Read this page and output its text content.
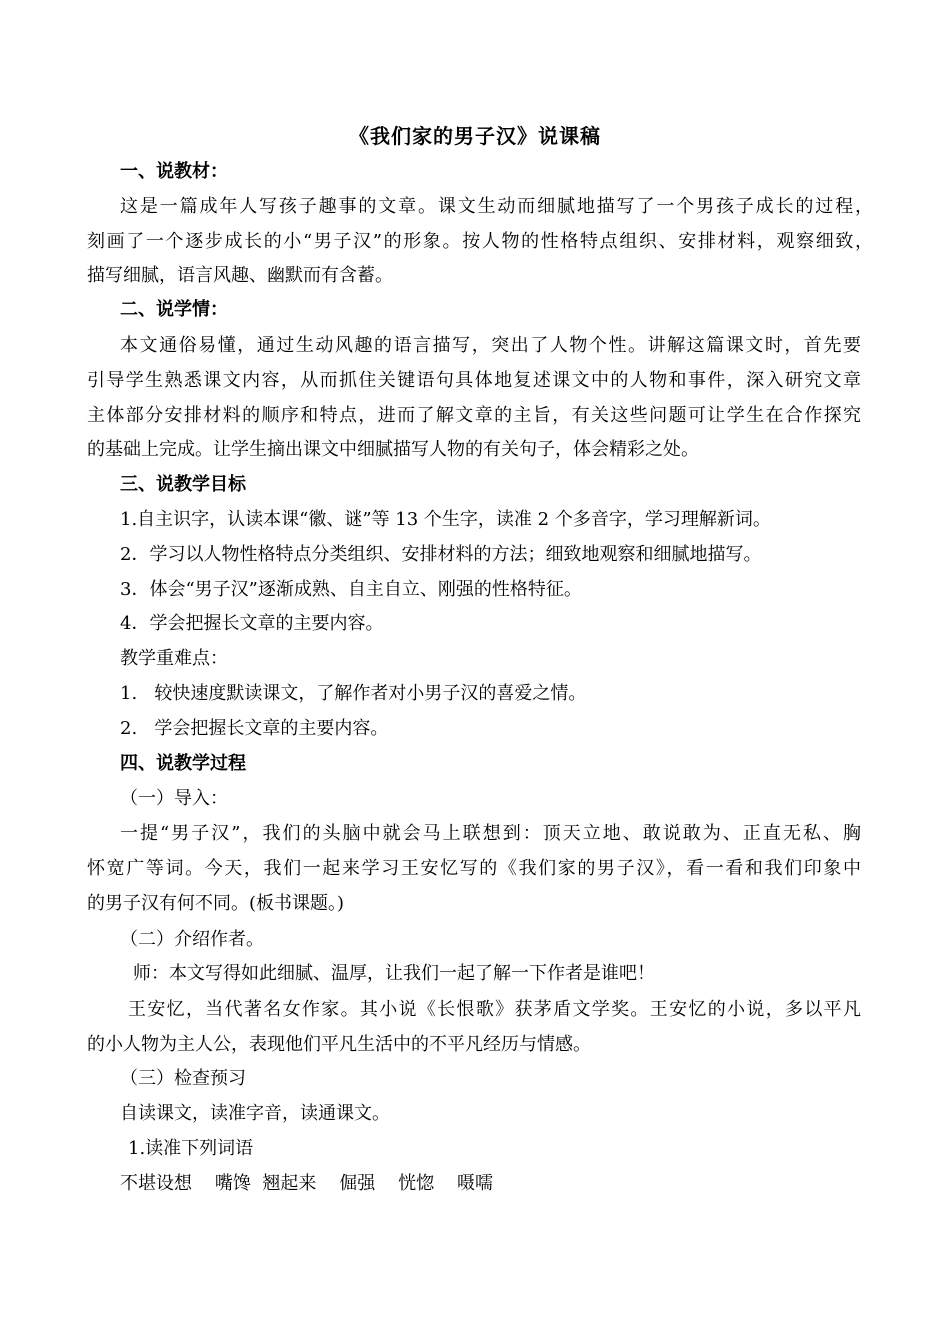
《我们家的男子汉》说课稿
一、说教材：
这是一篇成年人写孩子趣事的文章。课文生动而细腻地描写了一个男孩子成长的过程，
刻画了一个逐步成长的小“男子汉”的形象。按人物的性格特点组织、安排材料，观察细致，
描写细腻，语言风趣、幽默而有含蓄。
二、说学情：
本文通俗易懂，通过生动风趣的语言描写，突出了人物个性。讲解这篇课文时，首先要
引导学生熟悉课文内容，从而抓住关键语句具体地复述课文中的人物和事件，深入研究文章
主体部分安排材料的顺序和特点，进而了解文章的主旨，有关这些问题可让学生在合作探究
的基础上完成。让学生摘出课文中细腻描写人物的有关句子，体会精彩之处。
三、说教学目标
1.自主识字，认读本课“徽、谜”等 13 个生字，读准 2 个多音字，学习理解新词。
2．学习以人物性格特点分类组织、安排材料的方法；细致地观察和细腻地描写。
3．体会“男子汉”逐渐成熟、自主自立、刚强的性格特征。
4．学会把握长文章的主要内容。
教学重难点：
1.   较快速度默读课文，了解作者对小男子汉的喜爱之情。
2.   学会把握长文章的主要内容。
四、说教学过程
（一）导入：
一提“男子汉”，我们的头脑中就会马上联想到：顶天立地、敢说敢为、正直无私、胸
怀宽广等词。今天，我们一起来学习王安忆写的《我们家的男子汉》，看一看和我们印象中
的男子汉有何不同。(板书课题。)
（二）介绍作者。
师：本文写得如此细腻、温厚，让我们一起了解一下作者是谁吧！
王安忆，当代著名女作家。其小说《长恨歌》获茅盾文学奖。王安忆的小说，多以平凡
的小人物为主人公，表现他们平凡生活中的不平凡经历与情感。
（三）检查预习
自读课文，读准字音，读通课文。
1.读准下列词语
不堪设想    嘴馋  翘起来    倔强    恍惚    嗫嚅
